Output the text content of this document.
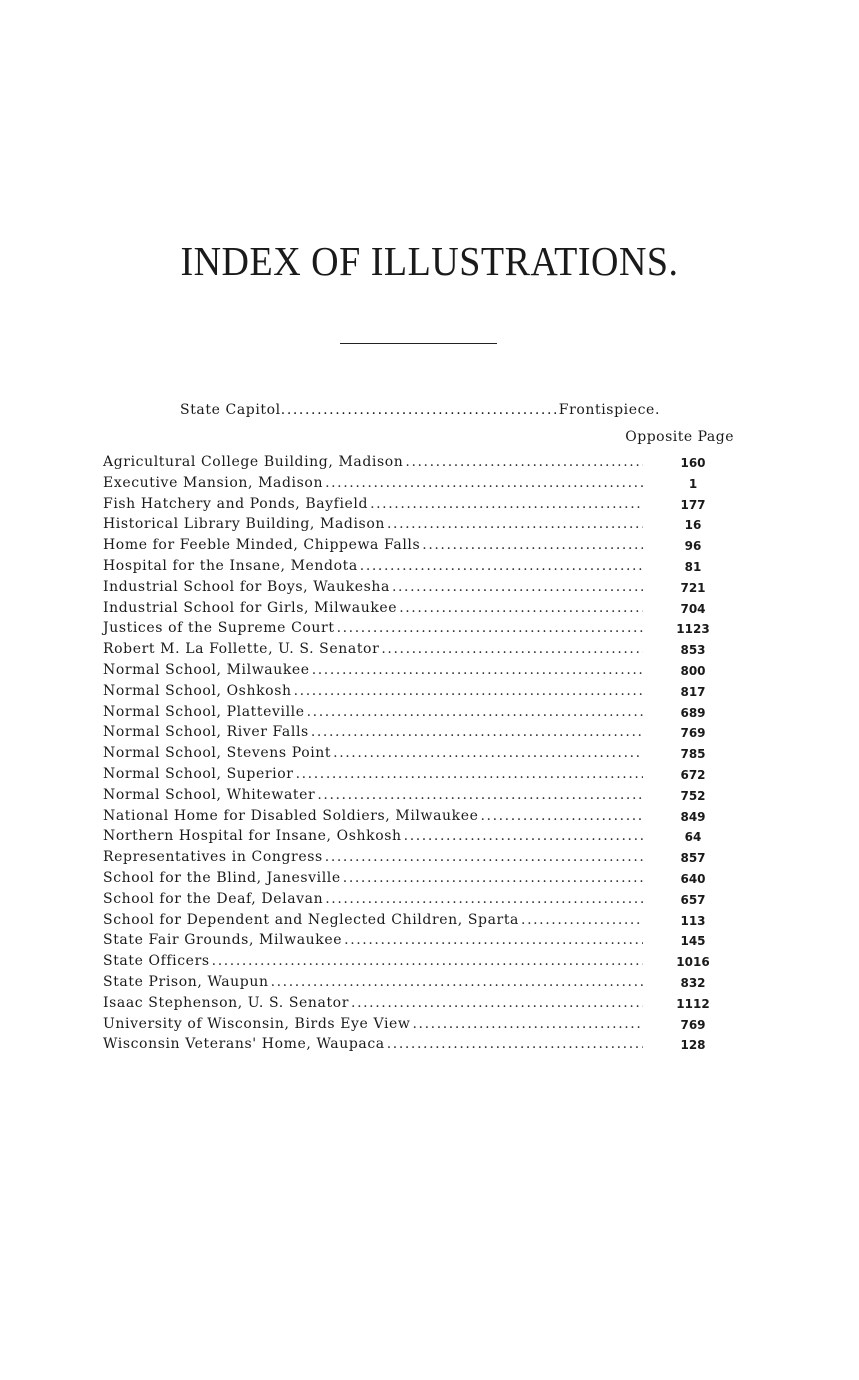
INDEX OF ILLUSTRATIONS.
State Capitol .....	Frontispiece.
Opposite Page
Agricultural College Building, Madison .....	160
Executive Mansion, Madison .....	1
Fish Hatchery and Ponds, Bayfield .....	177
Historical Library Building, Madison .....	16
Home for Feeble Minded, Chippewa Falls .....	96
Hospital for the Insane, Mendota .....	81
Industrial School for Boys, Waukesha .....	721
Industrial School for Girls, Milwaukee .....	704
Justices of the Supreme Court .....	1123
Robert M. La Follette, U. S. Senator .....	853
Normal School, Milwaukee .....	800
Normal School, Oshkosh .....	817
Normal School, Platteville .....	689
Normal School, River Falls .....	769
Normal School, Stevens Point .....	785
Normal School, Superior .....	672
Normal School, Whitewater .....	752
National Home for Disabled Soldiers, Milwaukee .....	849
Northern Hospital for Insane, Oshkosh .....	64
Representatives in Congress .....	857
School for the Blind, Janesville .....	640
School for the Deaf, Delavan .....	657
School for Dependent and Neglected Children, Sparta .....	113
State Fair Grounds, Milwaukee .....	145
State Officers .....	1016
State Prison, Waupun .....	832
Isaac Stephenson, U. S. Senator .....	1112
University of Wisconsin, Birds Eye View .....	769
Wisconsin Veterans' Home, Waupaca .....	128
